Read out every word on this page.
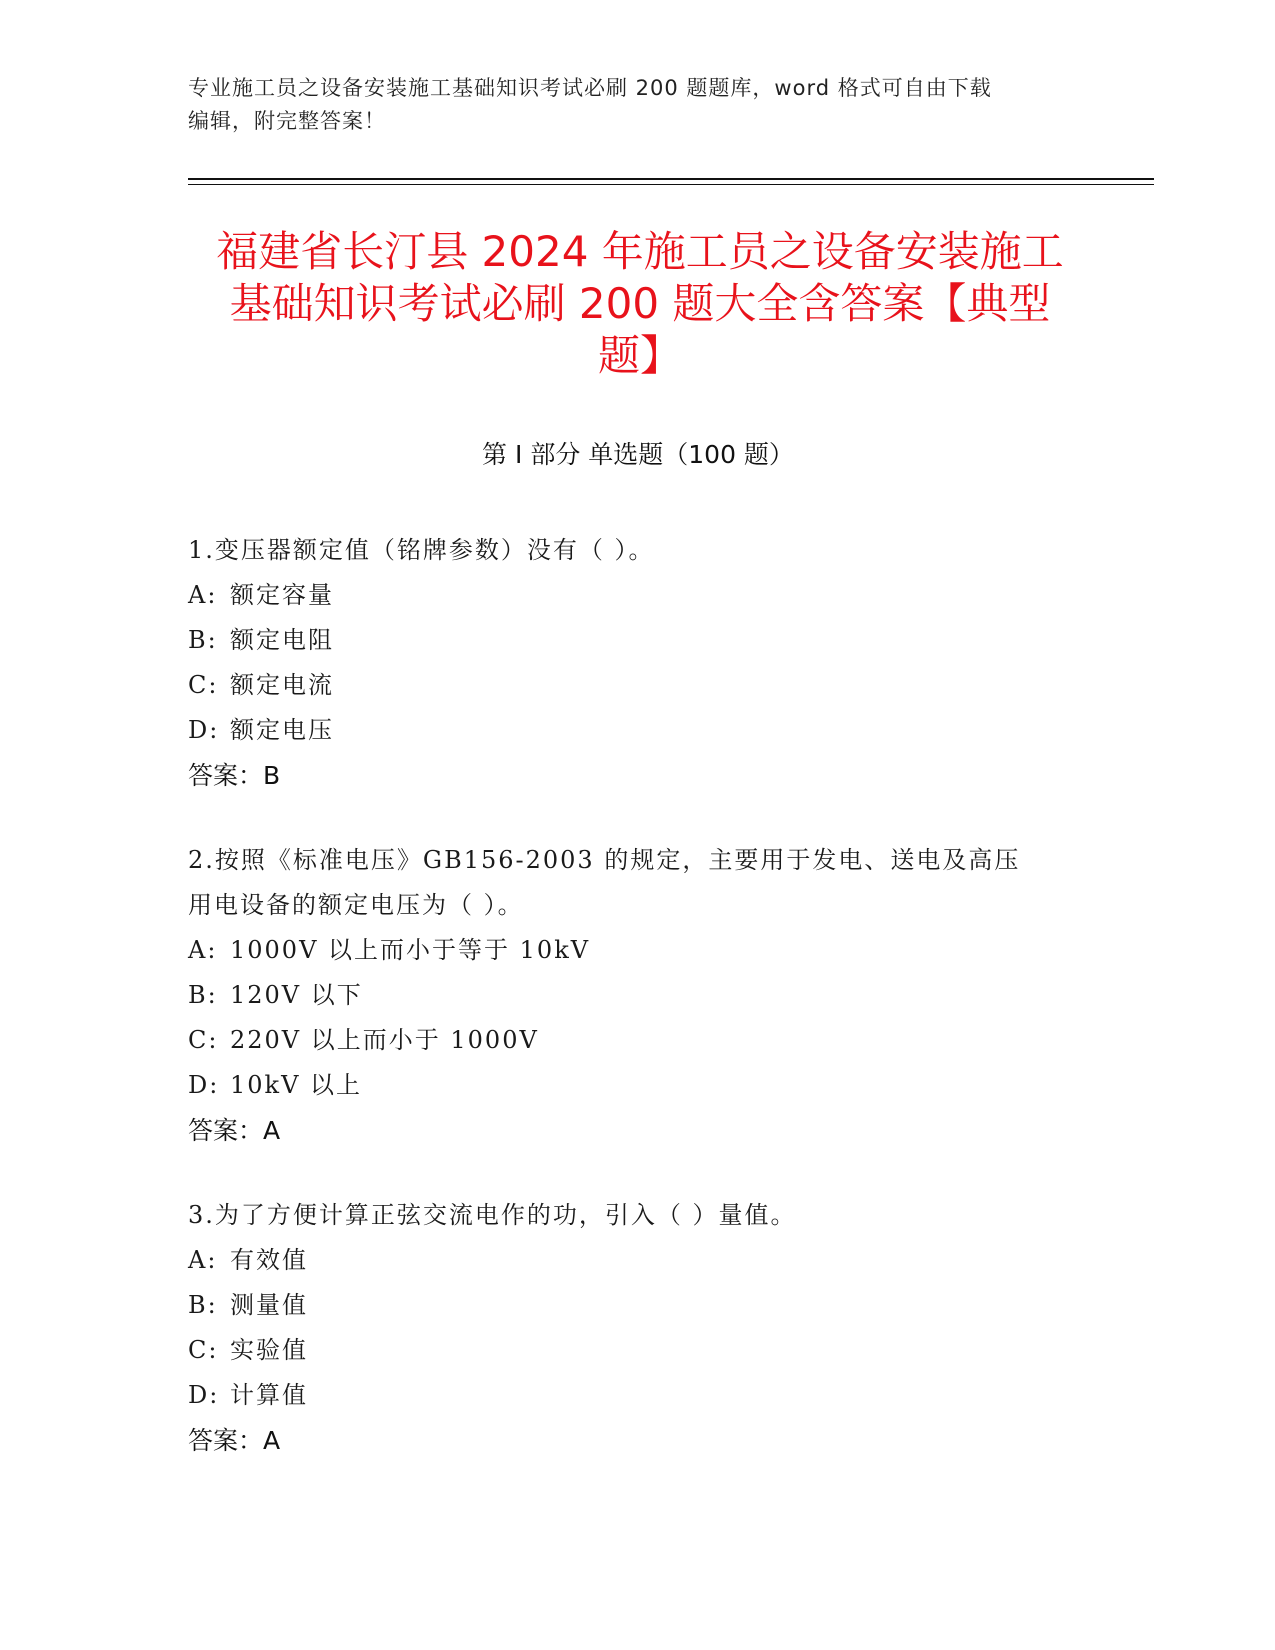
专业施工员之设备安装施工基础知识考试必刷 200 题题库，word 格式可自由下载
编辑，附完整答案！
福建省长汀县 2024 年施工员之设备安装施工
基础知识考试必刷 200 题大全含答案【典型
题】
第 I 部分 单选题（100 题）

1.变压器额定值（铭牌参数）没有（ ）。

A: 额定容量

B: 额定电阻

C: 额定电流

D: 额定电压

答案：B

2.按照《标准电压》GB156-2003 的规定，主要用于发电、送电及高压

用电设备的额定电压为（ ）。

A: 1000V 以上而小于等于 10kV

B: 120V 以下

C: 220V 以上而小于 1000V

D: 10kV 以上

答案：A

3.为了方便计算正弦交流电作的功，引入（ ）量值。

A: 有效值

B: 测量值

C: 实验值

D: 计算值

答案：A
